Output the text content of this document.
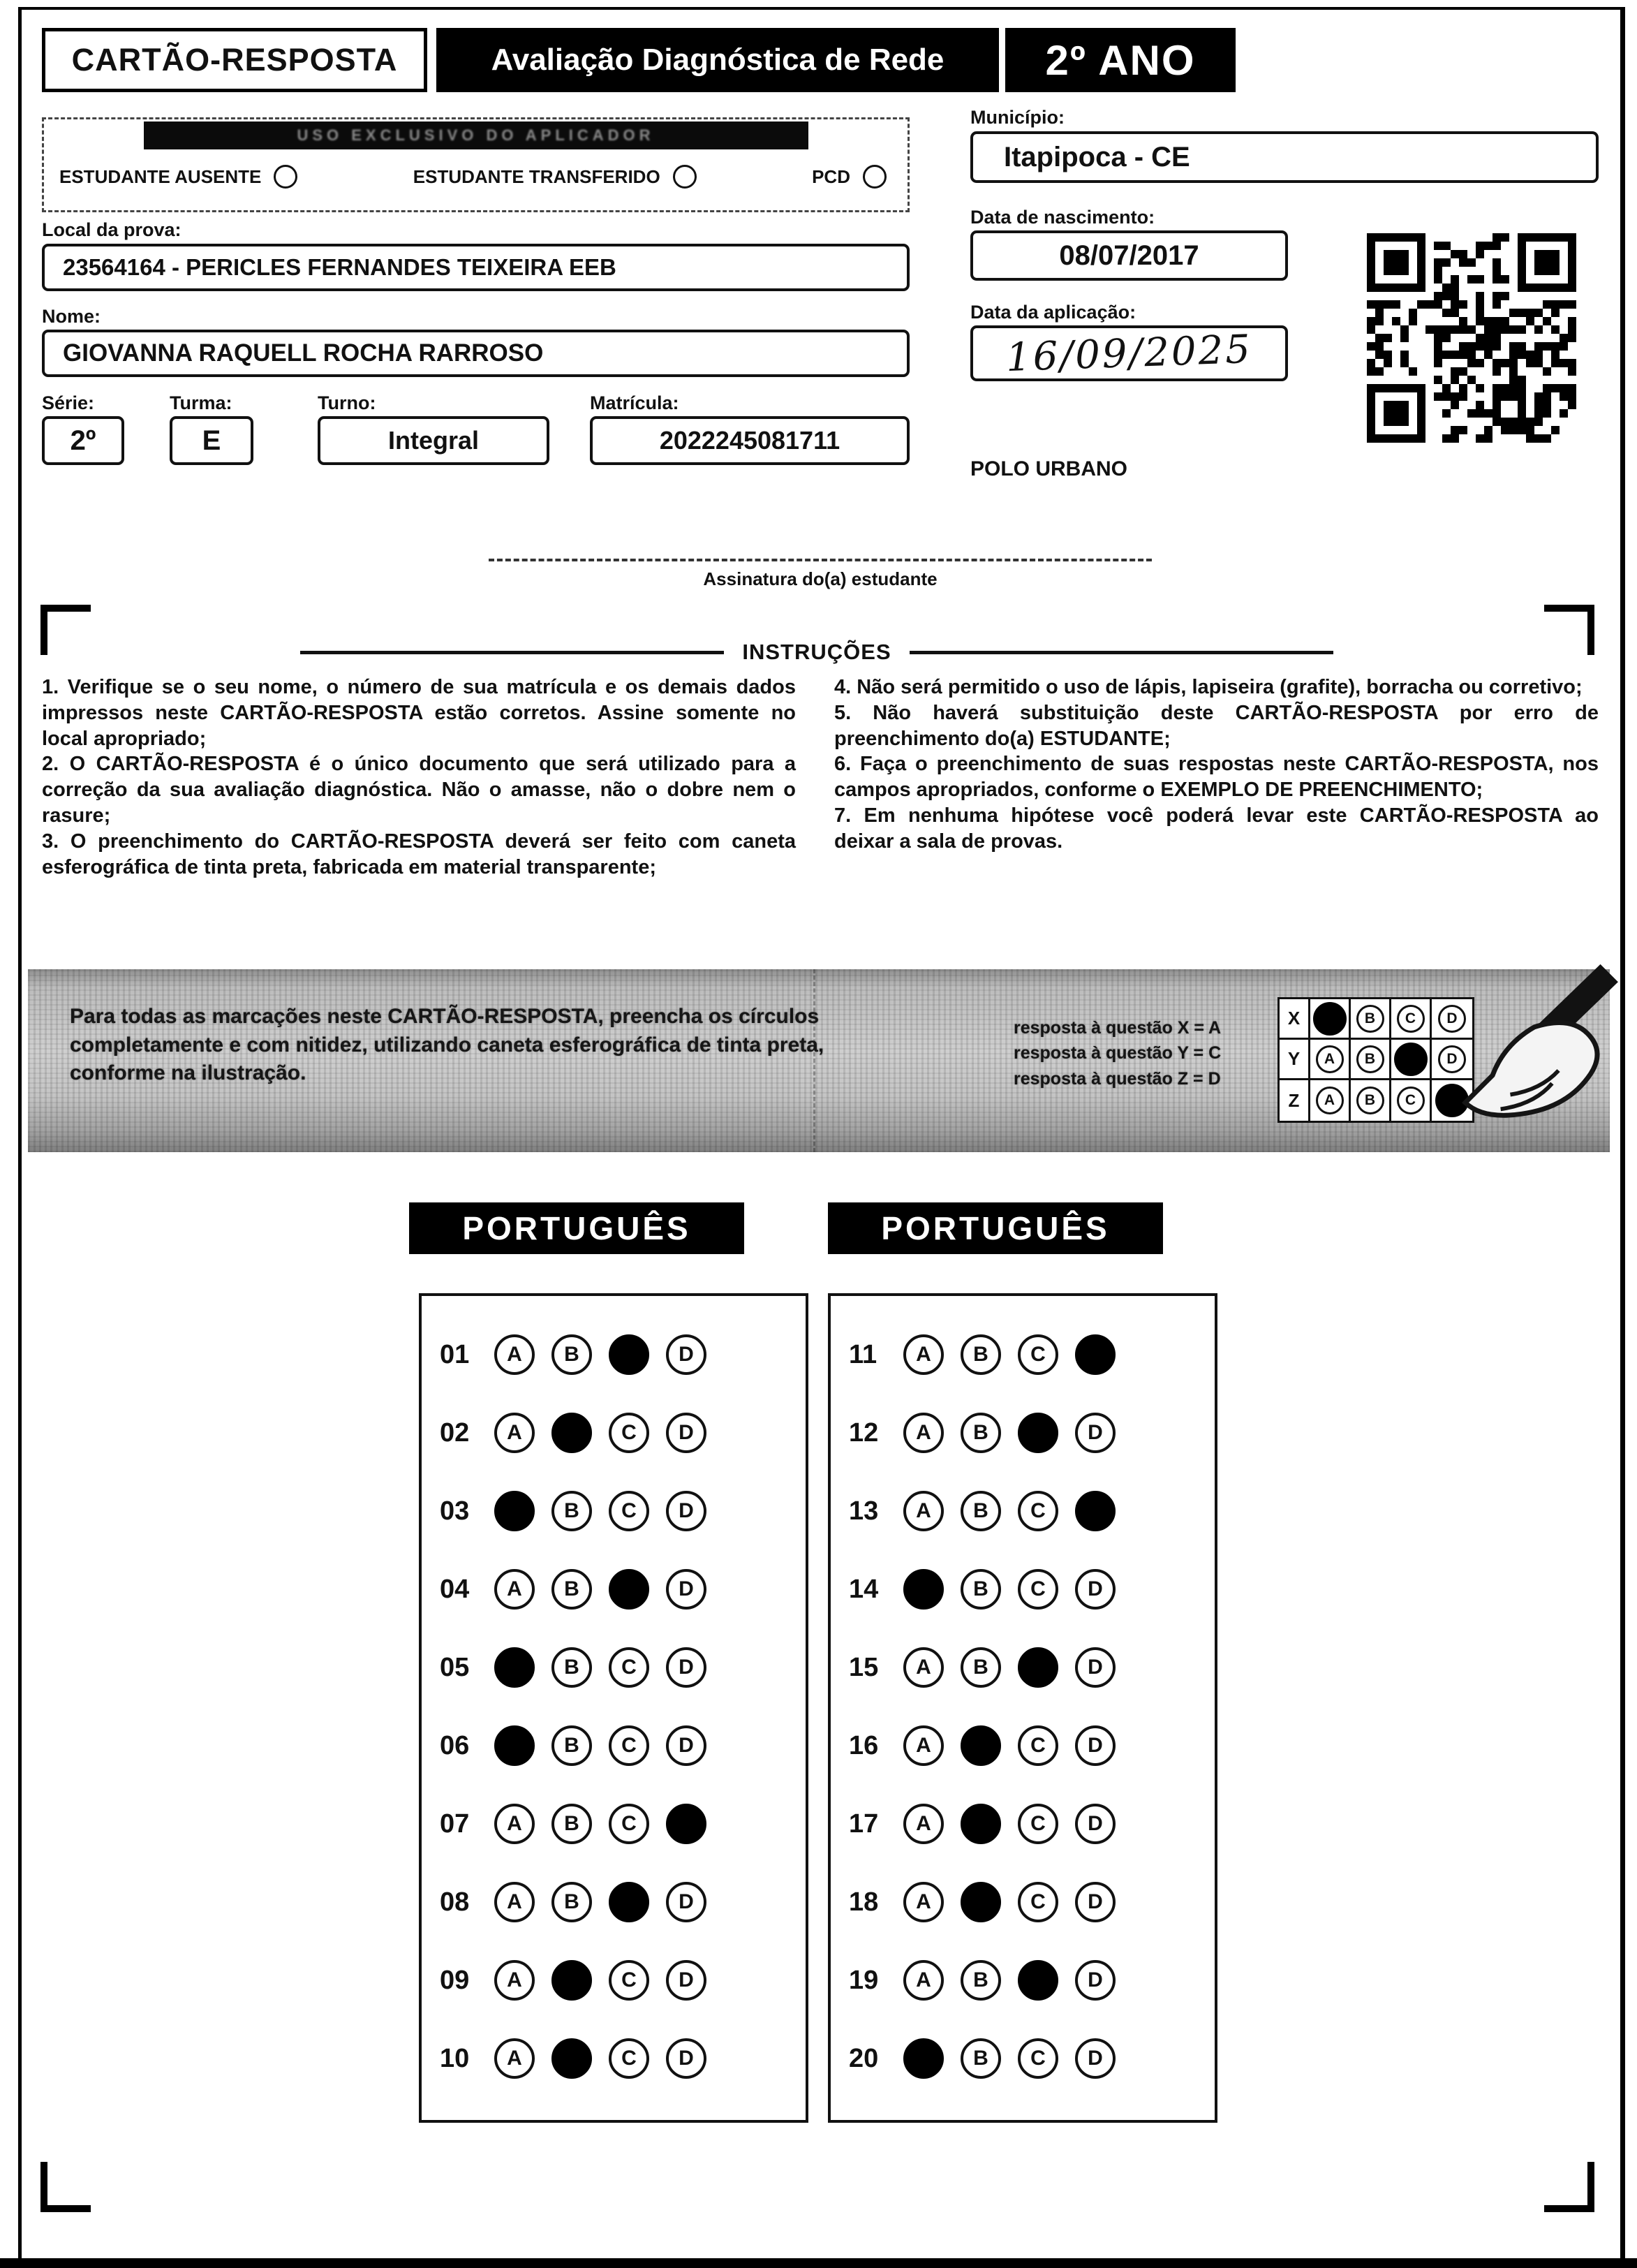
CARTÃO-RESPOSTA	Avaliação Diagnóstica de Rede	2º ANO
USO EXCLUSIVO DO APLICADOR
ESTUDANTE AUSENTE	ESTUDANTE TRANSFERIDO	PCD
Local da prova:
23564164 - PERICLES FERNANDES TEIXEIRA EEB
Nome:
GIOVANNA RAQUELL ROCHA RARROSO
Série:	Turma:	Turno:	Matrícula:
2º	E	Integral	2022245081711
Município:
Itapipoca - CE
Data de nascimento:
08/07/2017
Data da aplicação:
16/09/2025
POLO URBANO
Assinatura do(a) estudante
INSTRUÇÕES

1. Verifique se o seu nome, o número de sua matrícula e os demais dados impressos neste CARTÃO-RESPOSTA estão corretos. Assine somente no local apropriado;

2. O CARTÃO-RESPOSTA é o único documento que será utilizado para a correção da sua avaliação diagnóstica. Não o amasse, não o dobre nem o rasure;

3. O preenchimento do CARTÃO-RESPOSTA deverá ser feito com caneta esferográfica de tinta preta, fabricada em material transparente;

4. Não será permitido o uso de lápis, lapiseira (grafite), borracha ou corretivo;

5. Não haverá substituição deste CARTÃO-RESPOSTA por erro de preenchimento do(a) ESTUDANTE;

6. Faça o preenchimento de suas respostas neste CARTÃO-RESPOSTA, nos campos apropriados, conforme o EXEMPLO DE PREENCHIMENTO;

7. Em nenhuma hipótese você poderá levar este CARTÃO-RESPOSTA ao deixar a sala de provas.

Para todas as marcações neste CARTÃO-RESPOSTA, preencha os círculos completamente e com nitidez, utilizando caneta esferográfica de tinta preta, conforme na ilustração.
resposta à questão X = A
resposta à questão Y = C
resposta à questão Z = D
X	A	B	C	D
Y	A	B	C	D
Z	A	B	C	D
PORTUGUÊS	PORTUGUÊS
01	A	B	C	D
02	A	B	C	D
03	A	B	C	D
04	A	B	C	D
05	A	B	C	D
06	A	B	C	D
07	A	B	C	D
08	A	B	C	D
09	A	B	C	D
10	A	B	C	D
11	A	B	C	D
12	A	B	C	D
13	A	B	C	D
14	A	B	C	D
15	A	B	C	D
16	A	B	C	D
17	A	B	C	D
18	A	B	C	D
19	A	B	C	D
20	A	B	C	D
